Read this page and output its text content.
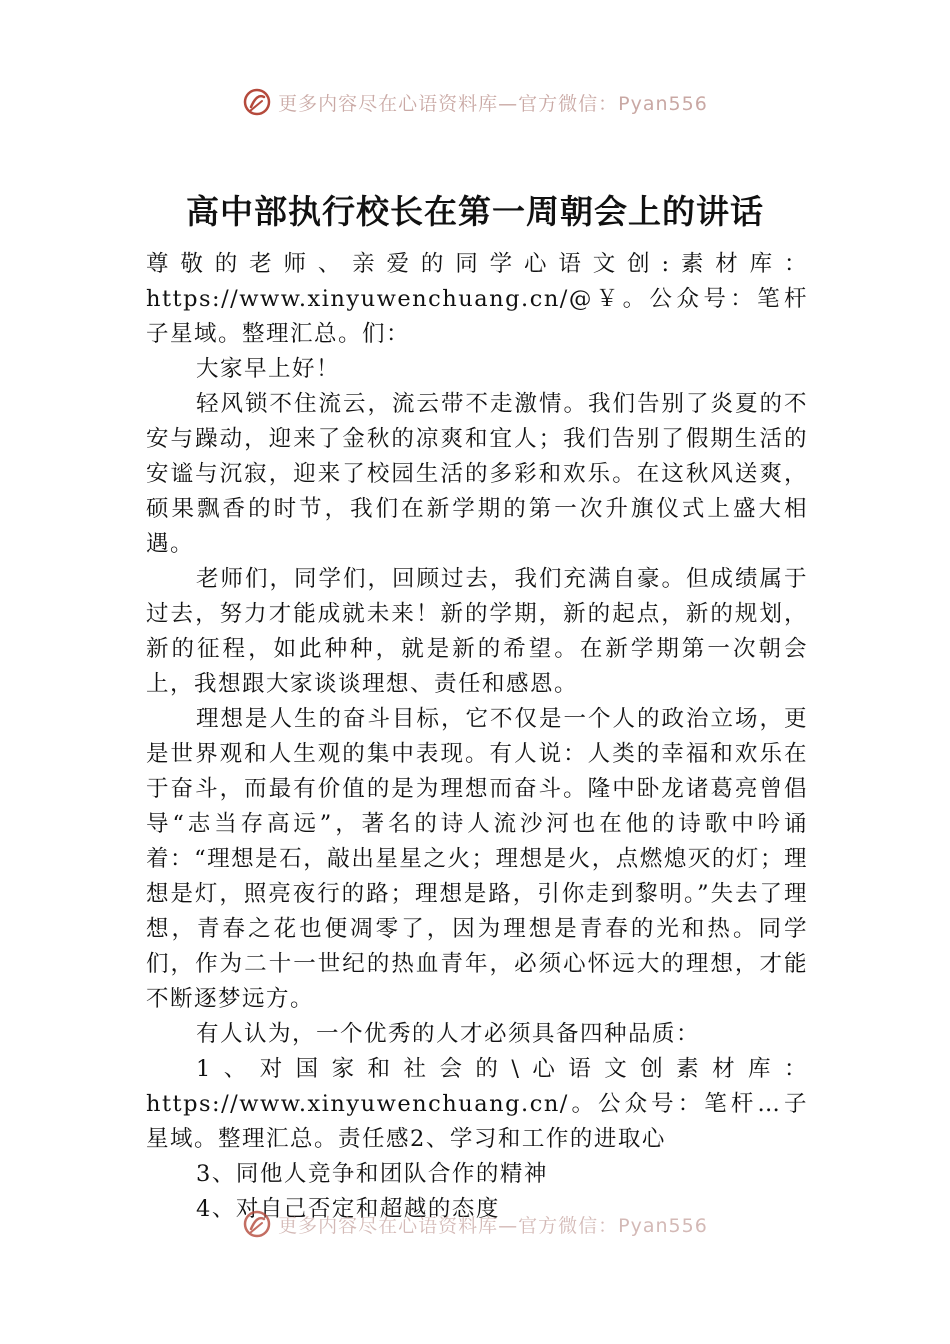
更多内容尽在心语资料库—官方微信：Pyan556
高中部执行校长在第一周朝会上的讲话

尊敬的老师、亲爱的同学心语文创:素材库：https://www.xinyuwenchuang.cn/@￥。公众号：笔杆子星域。整理汇总。们：

大家早上好！

轻风锁不住流云，流云带不走激情。我们告别了炎夏的不安与躁动，迎来了金秋的凉爽和宜人；我们告别了假期生活的安谧与沉寂，迎来了校园生活的多彩和欢乐。在这秋风送爽，硕果飘香的时节，我们在新学期的第一次升旗仪式上盛大相遇。

老师们，同学们，回顾过去，我们充满自豪。但成绩属于过去，努力才能成就未来！新的学期，新的起点，新的规划，新的征程，如此种种，就是新的希望。在新学期第一次朝会上，我想跟大家谈谈理想、责任和感恩。

理想是人生的奋斗目标，它不仅是一个人的政治立场，更是世界观和人生观的集中表现。有人说：人类的幸福和欢乐在于奋斗，而最有价值的是为理想而奋斗。隆中卧龙诸葛亮曾倡导“志当存高远”，著名的诗人流沙河也在他的诗歌中吟诵着：“理想是石，敲出星星之火；理想是火，点燃熄灭的灯；理想是灯，照亮夜行的路；理想是路，引你走到黎明。”失去了理想，青春之花也便凋零了，因为理想是青春的光和热。同学们，作为二十一世纪的热血青年，必须心怀远大的理想，才能不断逐梦远方。

有人认为，一个优秀的人才必须具备四种品质：

1、对国家和社会的\心语文创素材库：https://www.xinyuwenchuang.cn/。公众号：笔杆…子星域。整理汇总。责任感2、学习和工作的进取心

3、同他人竞争和团队合作的精神

4、对自己否定和超越的态度

更多内容尽在心语资料库—官方微信：Pyan556
